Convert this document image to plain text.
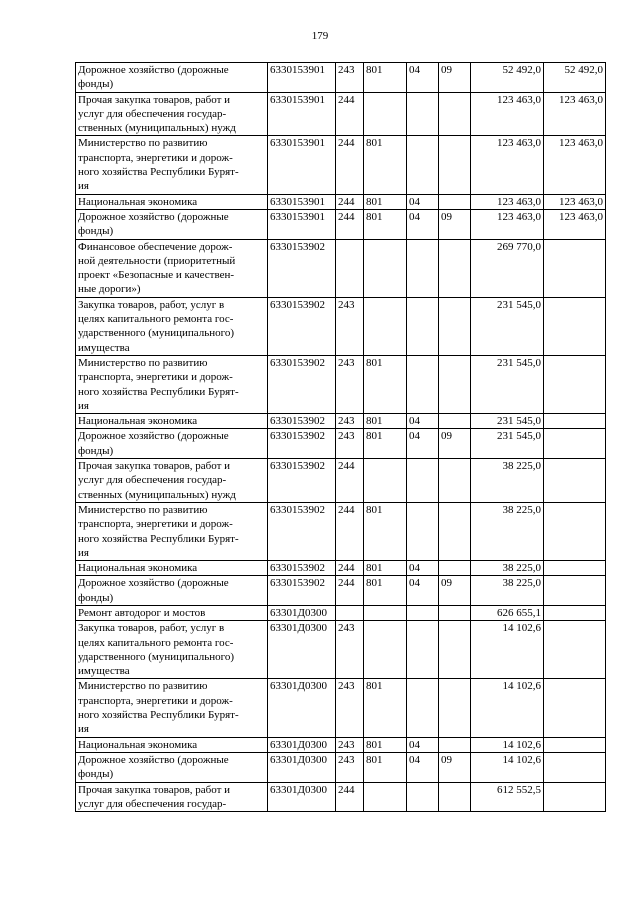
179
Дорожное хозяйство (дорожные
фонды)	6330153901	243	801	04	09	52 492,0	52 492,0
Прочая закупка товаров, работ и
услуг для обеспечения государ-
ственных (муниципальных) нужд	6330153901	244				123 463,0	123 463,0
Министерство по развитию
транспорта, энергетики и дорож-
ного хозяйства Республики Бурят-
ия	6330153901	244	801			123 463,0	123 463,0
Национальная экономика	6330153901	244	801	04		123 463,0	123 463,0
Дорожное хозяйство (дорожные
фонды)	6330153901	244	801	04	09	123 463,0	123 463,0
Финансовое обеспечение дорож-
ной деятельности (приоритетный
проект «Безопасные и качествен-
ные дороги»)	6330153902					269 770,0	
Закупка товаров, работ, услуг в
целях капитального ремонта гос-
ударственного (муниципального)
имущества	6330153902	243				231 545,0	
Министерство по развитию
транспорта, энергетики и дорож-
ного хозяйства Республики Бурят-
ия	6330153902	243	801			231 545,0	
Национальная экономика	6330153902	243	801	04		231 545,0	
Дорожное хозяйство (дорожные
фонды)	6330153902	243	801	04	09	231 545,0	
Прочая закупка товаров, работ и
услуг для обеспечения государ-
ственных (муниципальных) нужд	6330153902	244				38 225,0	
Министерство по развитию
транспорта, энергетики и дорож-
ного хозяйства Республики Бурят-
ия	6330153902	244	801			38 225,0	
Национальная экономика	6330153902	244	801	04		38 225,0	
Дорожное хозяйство (дорожные
фонды)	6330153902	244	801	04	09	38 225,0	
Ремонт автодорог и мостов	63301Д0300					626 655,1	
Закупка товаров, работ, услуг в
целях капитального ремонта гос-
ударственного (муниципального)
имущества	63301Д0300	243				14 102,6	
Министерство по развитию
транспорта, энергетики и дорож-
ного хозяйства Республики Бурят-
ия	63301Д0300	243	801			14 102,6	
Национальная экономика	63301Д0300	243	801	04		14 102,6	
Дорожное хозяйство (дорожные
фонды)	63301Д0300	243	801	04	09	14 102,6	
Прочая закупка товаров, работ и
услуг для обеспечения государ-	63301Д0300	244				612 552,5	
